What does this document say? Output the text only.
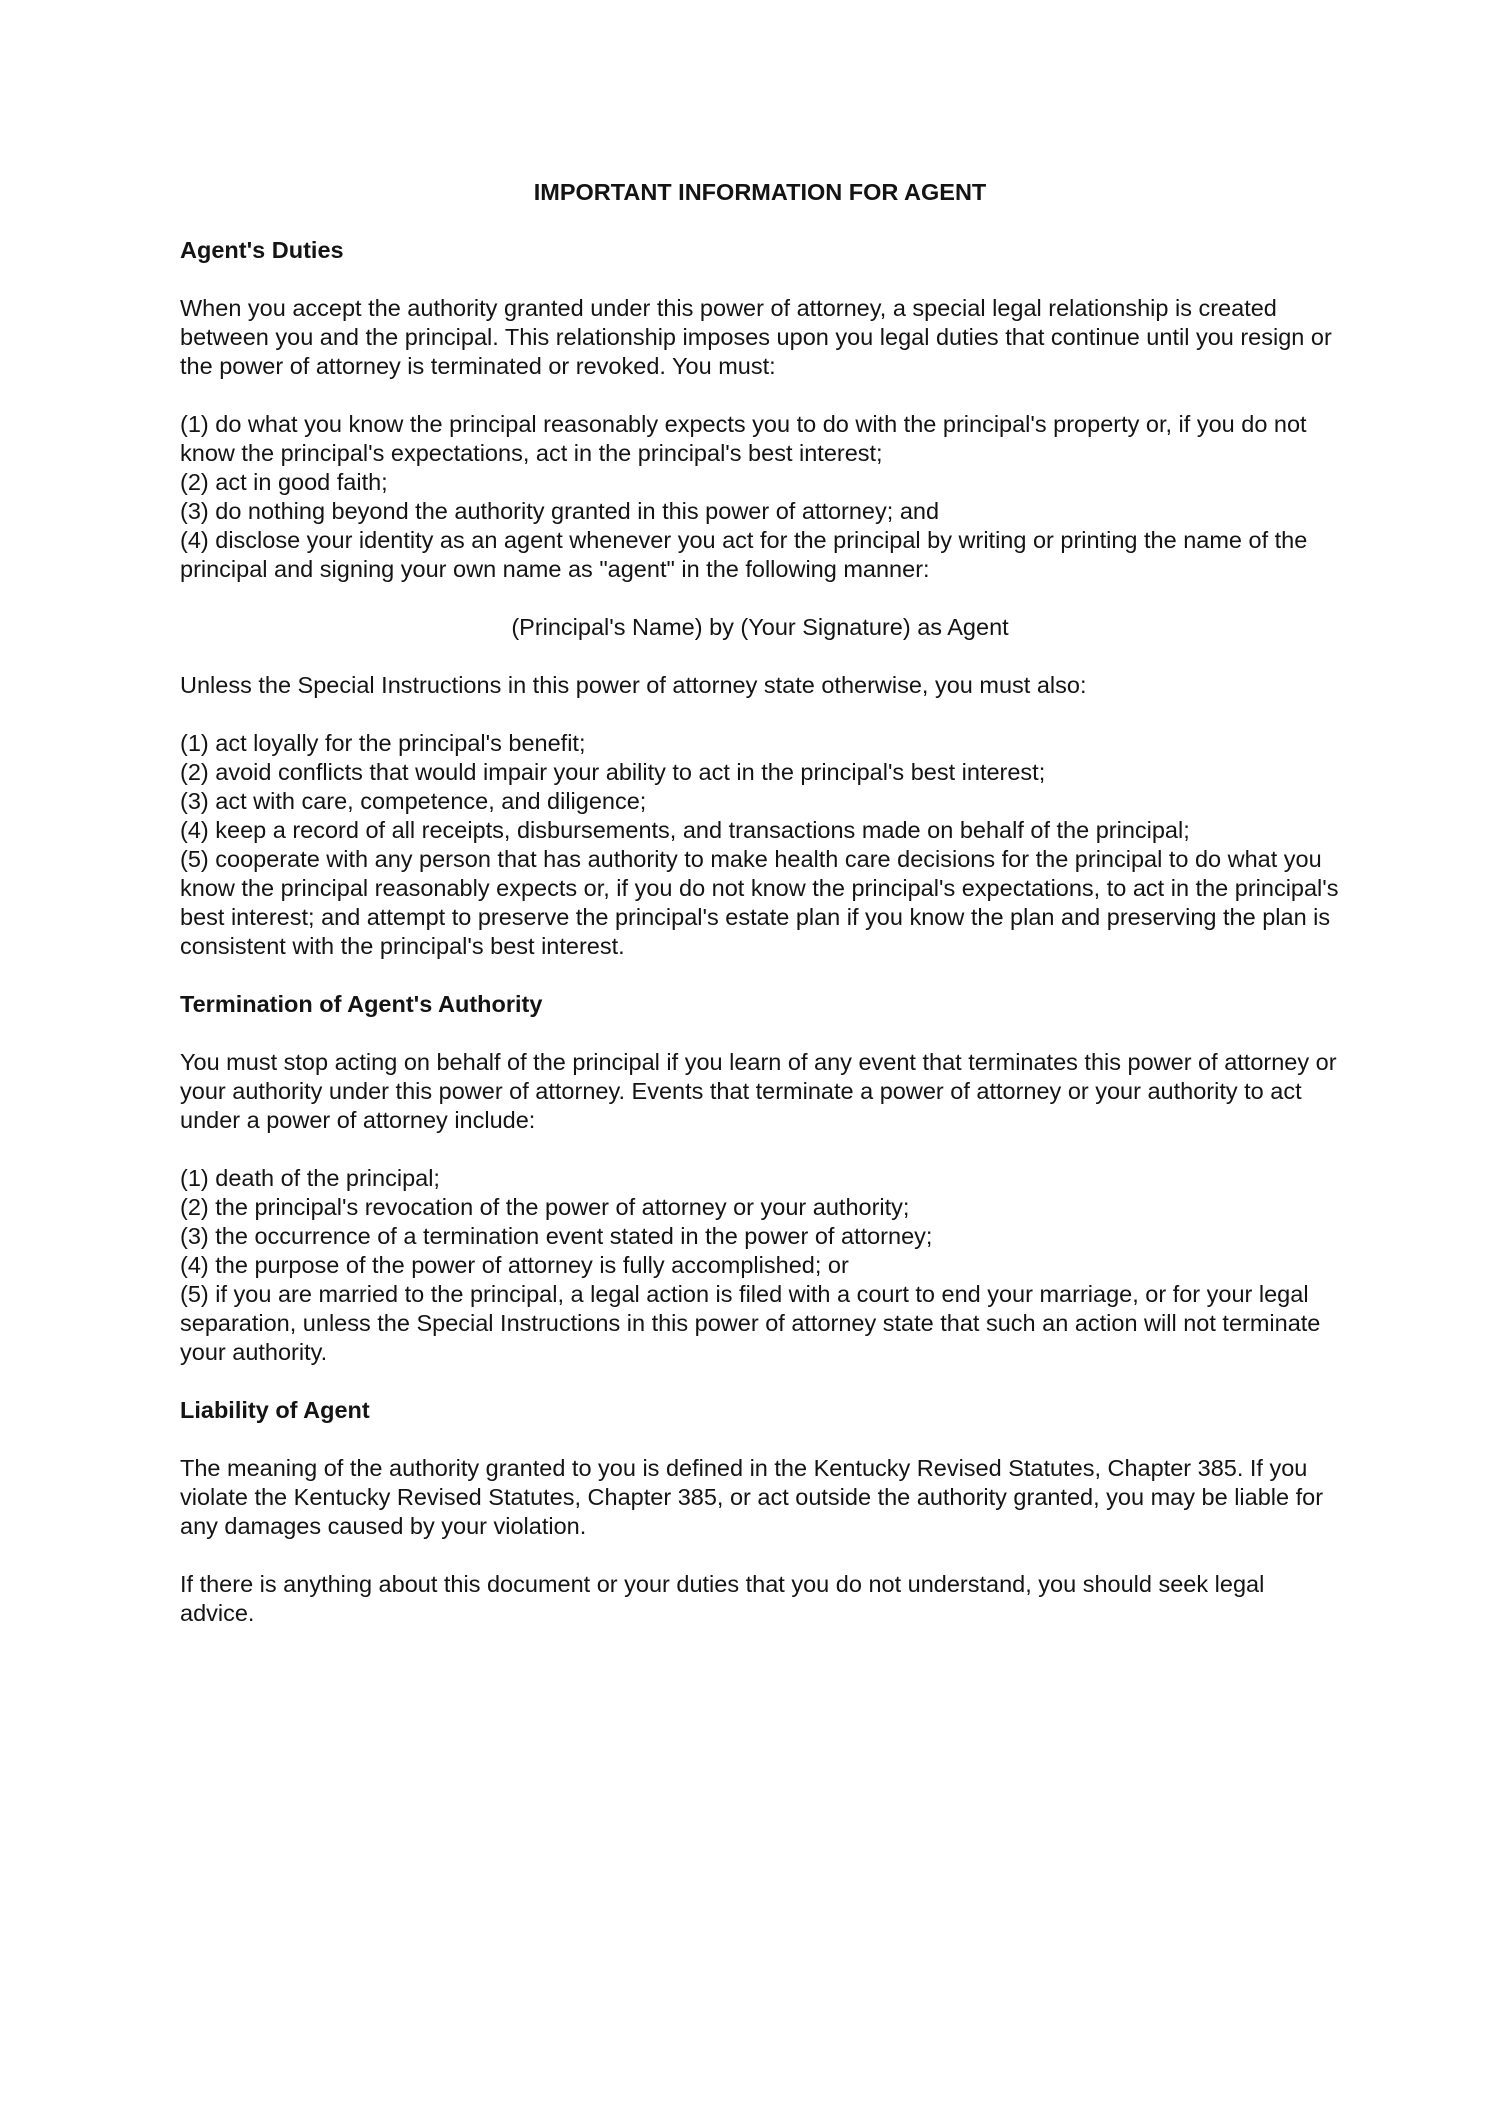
IMPORTANT INFORMATION FOR AGENT
Agent's Duties

When you accept the authority granted under this power of attorney, a special legal relationship is created between you and the principal. This relationship imposes upon you legal duties that continue until you resign or the power of attorney is terminated or revoked. You must:

(1) do what you know the principal reasonably expects you to do with the principal's property or, if you do not know the principal's expectations, act in the principal's best interest;
(2) act in good faith;
(3) do nothing beyond the authority granted in this power of attorney; and
(4) disclose your identity as an agent whenever you act for the principal by writing or printing the name of the principal and signing your own name as "agent" in the following manner:

(Principal's Name) by (Your Signature) as Agent

Unless the Special Instructions in this power of attorney state otherwise, you must also:

(1) act loyally for the principal's benefit;
(2) avoid conflicts that would impair your ability to act in the principal's best interest;
(3) act with care, competence, and diligence;
(4) keep a record of all receipts, disbursements, and transactions made on behalf of the principal;
(5) cooperate with any person that has authority to make health care decisions for the principal to do what you know the principal reasonably expects or, if you do not know the principal's expectations, to act in the principal's best interest; and attempt to preserve the principal's estate plan if you know the plan and preserving the plan is consistent with the principal's best interest.
Termination of Agent's Authority

You must stop acting on behalf of the principal if you learn of any event that terminates this power of attorney or your authority under this power of attorney. Events that terminate a power of attorney or your authority to act under a power of attorney include:

(1) death of the principal;
(2) the principal's revocation of the power of attorney or your authority;
(3) the occurrence of a termination event stated in the power of attorney;
(4) the purpose of the power of attorney is fully accomplished; or
(5) if you are married to the principal, a legal action is filed with a court to end your marriage, or for your legal separation, unless the Special Instructions in this power of attorney state that such an action will not terminate your authority.
Liability of Agent

The meaning of the authority granted to you is defined in the Kentucky Revised Statutes, Chapter 385. If you violate the Kentucky Revised Statutes, Chapter 385, or act outside the authority granted, you may be liable for any damages caused by your violation.

If there is anything about this document or your duties that you do not understand, you should seek legal advice.
